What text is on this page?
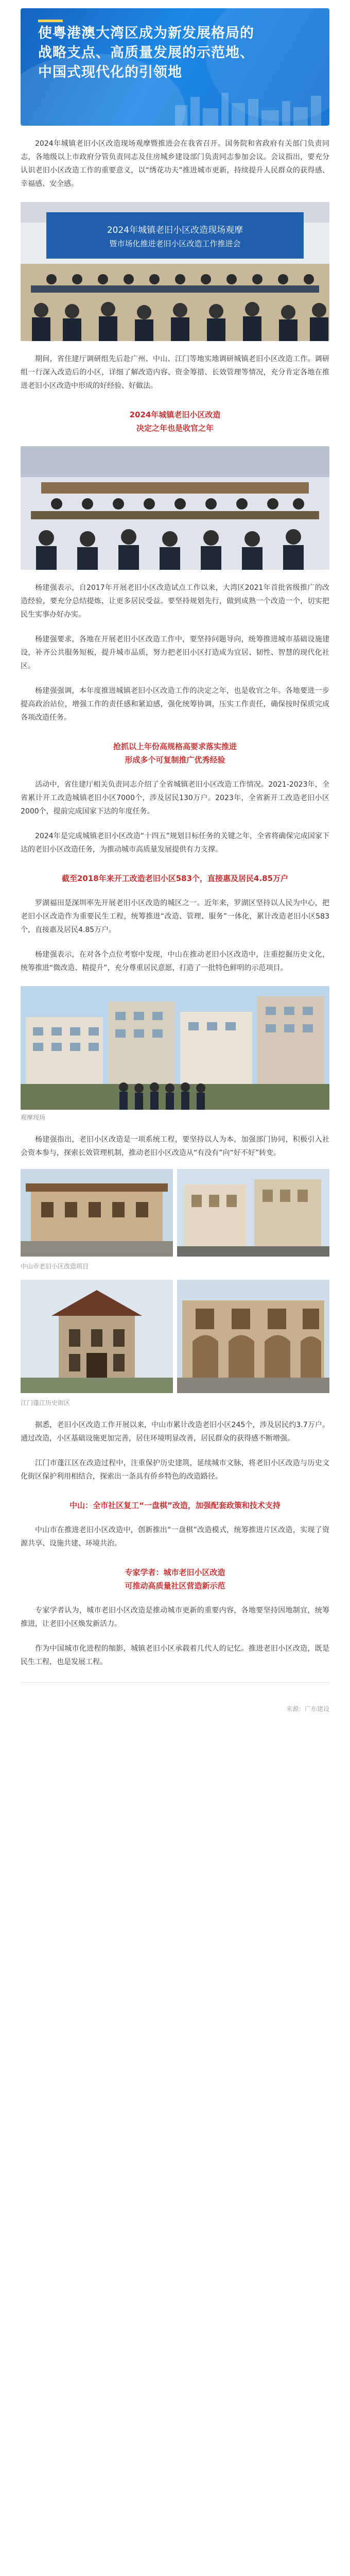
使粤港澳大湾区成为新发展格局的
战略支点、高质量发展的示范地、
中国式现代化的引领地

2024年城镇老旧小区改造现场观摩暨推进会在我省召开。国务院和省政府有关部门负责同志，各地级以上市政府分管负责同志及住房城乡建设部门负责同志参加会议。会议指出，要充分认识老旧小区改造工作的重要意义，以“绣花功夫”推进城市更新，持续提升人民群众的获得感、幸福感、安全感。

2024年城镇老旧小区改造现场观摩
暨市场化推进老旧小区改造工作推进会

期间，省住建厅调研组先后赴广州、中山、江门等地实地调研城镇老旧小区改造工作。调研组一行深入改造后的小区，详细了解改造内容、资金筹措、长效管理等情况，充分肯定各地在推进老旧小区改造中形成的好经验、好做法。

2024年城镇老旧小区改造
决定之年也是收官之年

杨建强表示，自2017年开展老旧小区改造试点工作以来，大湾区2021年首批省级推广的改造经验，要充分总结提炼，让更多居民受益。要坚持规划先行，做到成熟一个改造一个，切实把民生实事办好办实。

杨建强要求，各地在开展老旧小区改造工作中，要坚持问题导向，统筹推进城市基础设施建设，补齐公共服务短板，提升城市品质，努力把老旧小区打造成为宜居、韧性、智慧的现代化社区。

杨建强强调，本年度推进城镇老旧小区改造工作的决定之年，也是收官之年。各地要进一步提高政治站位，增强工作的责任感和紧迫感，强化统筹协调，压实工作责任，确保按时保质完成各项改造任务。

抢抓以上年份高规格高要求落实推进
形成多个可复制推广优秀经验

活动中，省住建厅相关负责同志介绍了全省城镇老旧小区改造工作情况。2021-2023年，全省累计开工改造城镇老旧小区7000个，涉及居民130万户。2023年，全省新开工改造老旧小区2000个，提前完成国家下达的年度任务。

2024年是完成城镇老旧小区改造“十四五”规划目标任务的关键之年，全省将确保完成国家下达的老旧小区改造任务，为推动城市高质量发展提供有力支撑。

截至2018年来开工改造老旧小区583个，直接惠及居民4.85万户

罗湖福田是深圳率先开展老旧小区改造的城区之一。近年来，罗湖区坚持以人民为中心，把老旧小区改造作为重要民生工程，统筹推进“改造、管理、服务”一体化，累计改造老旧小区583个，直接惠及居民4.85万户。

杨建强表示，在对各个点位考察中发现，中山在推动老旧小区改造中，注重挖掘历史文化，统筹推进“微改造、精提升”，充分尊重居民意愿，打造了一批特色鲜明的示范项目。

观摩现场

杨建强指出，老旧小区改造是一项系统工程，要坚持以人为本，加强部门协同，积极引入社会资本参与，探索长效管理机制，推动老旧小区改造从“有没有”向“好不好”转变。

中山市老旧小区改造项目
江门蓬江历史街区

据悉，老旧小区改造工作开展以来，中山市累计改造老旧小区245个，涉及居民约3.7万户。通过改造，小区基础设施更加完善，居住环境明显改善，居民群众的获得感不断增强。

江门市蓬江区在改造过程中，注重保护历史建筑，延续城市文脉，将老旧小区改造与历史文化街区保护利用相结合，探索出一条具有侨乡特色的改造路径。

中山：全市社区复工“一盘棋”改造，加强配套政策和技术支持

中山市在推进老旧小区改造中，创新推出“一盘棋”改造模式，统筹推进片区改造，实现了资源共享、设施共建、环境共治。

专家学者：城市老旧小区改造
可推动高质量社区营造新示范

专家学者认为，城市老旧小区改造是推动城市更新的重要内容，各地要坚持因地制宜，统筹推进，让老旧小区焕发新活力。

作为中国城市化进程的缩影，城镇老旧小区承载着几代人的记忆。推进老旧小区改造，既是民生工程，也是发展工程。

来源：广东建设
